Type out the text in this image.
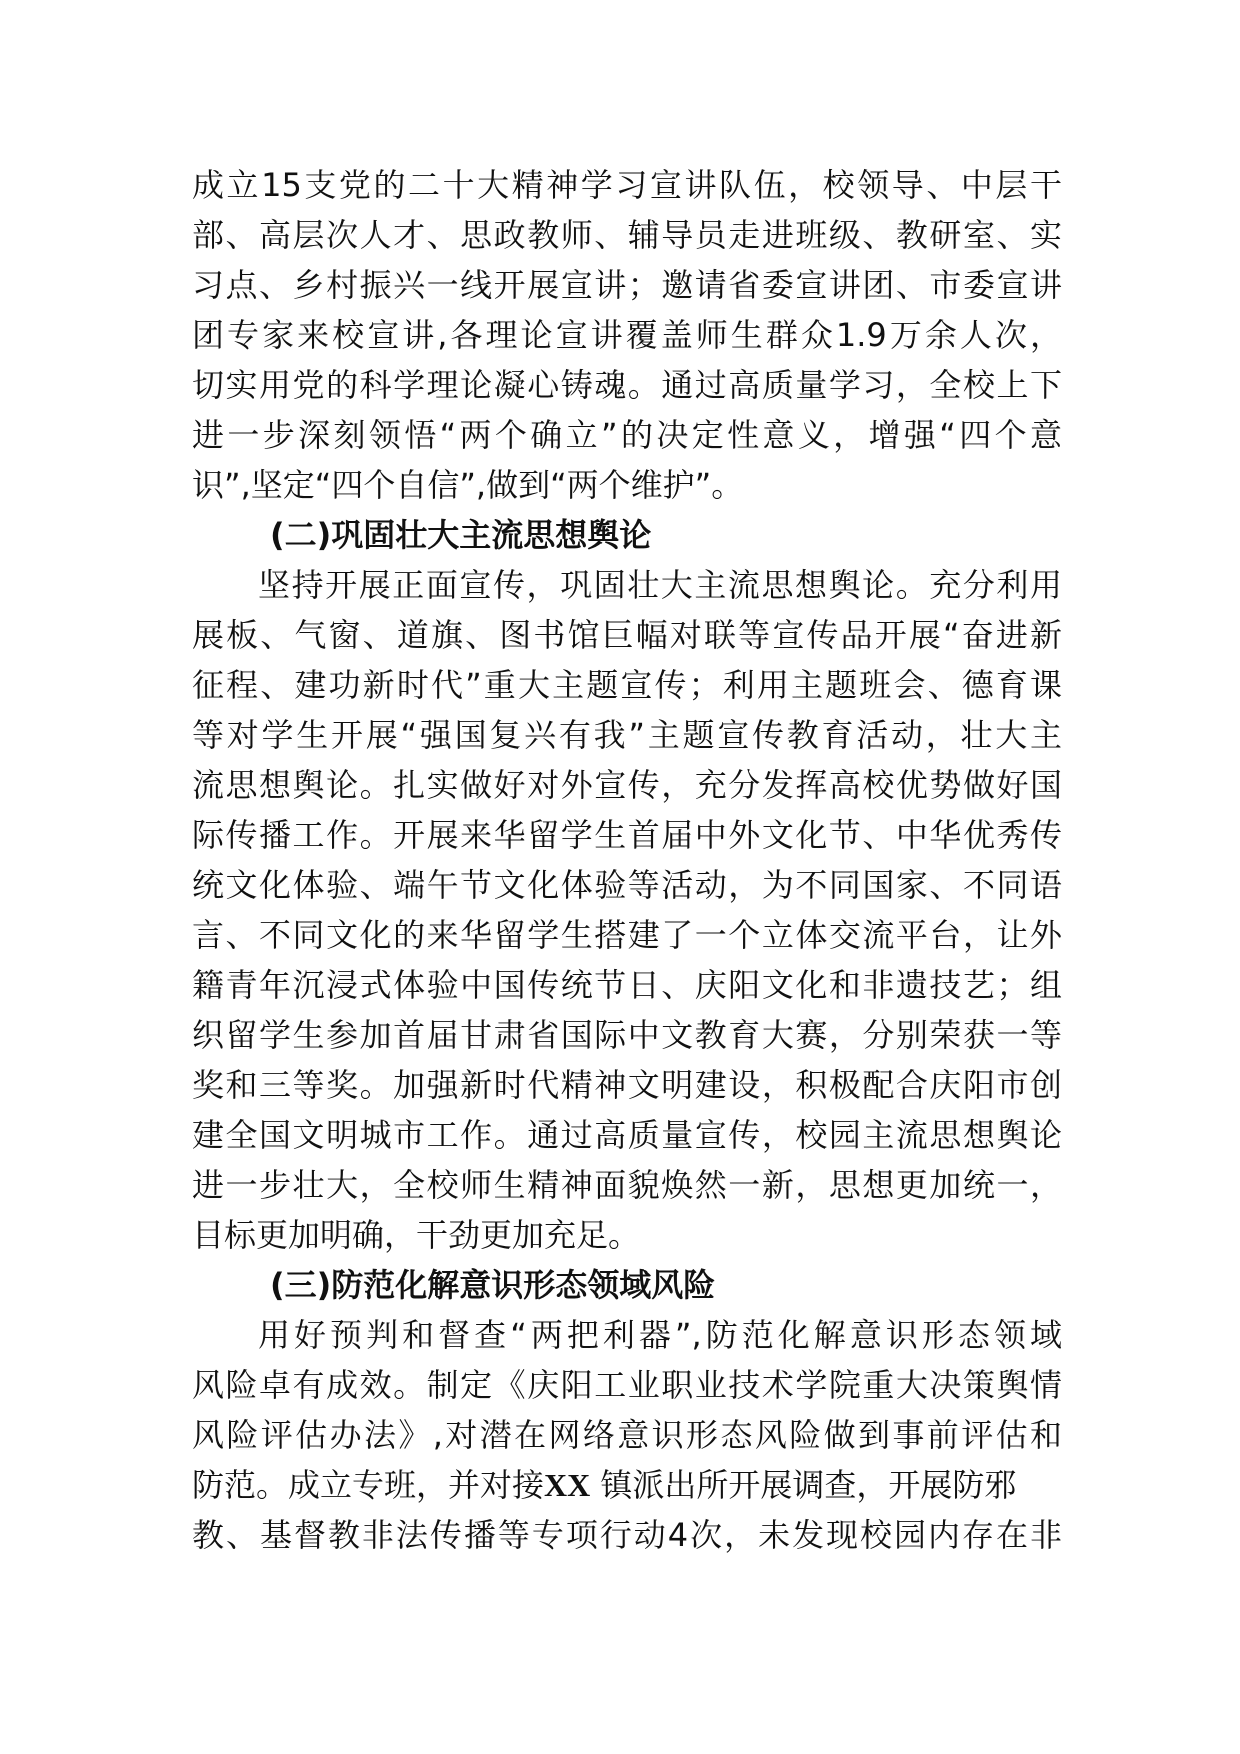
成立15支党的二十大精神学习宣讲队伍，校领导、中层干
部、高层次人才、思政教师、辅导员走进班级、教研室、实
习点、乡村振兴一线开展宣讲；邀请省委宣讲团、市委宣讲
团专家来校宣讲,各理论宣讲覆盖师生群众1.9万余人次，
切实用党的科学理论凝心铸魂。通过高质量学习，全校上下
进一步深刻领悟“两个确立”的决定性意义，增强“四个意
识”,坚定“四个自信”,做到“两个维护”。
(二)巩固壮大主流思想舆论
坚持开展正面宣传，巩固壮大主流思想舆论。充分利用
展板、气窗、道旗、图书馆巨幅对联等宣传品开展“奋进新
征程、建功新时代”重大主题宣传；利用主题班会、德育课
等对学生开展“强国复兴有我”主题宣传教育活动，壮大主
流思想舆论。扎实做好对外宣传，充分发挥高校优势做好国
际传播工作。开展来华留学生首届中外文化节、中华优秀传
统文化体验、端午节文化体验等活动，为不同国家、不同语
言、不同文化的来华留学生搭建了一个立体交流平台，让外
籍青年沉浸式体验中国传统节日、庆阳文化和非遗技艺；组
织留学生参加首届甘肃省国际中文教育大赛，分别荣获一等
奖和三等奖。加强新时代精神文明建设，积极配合庆阳市创
建全国文明城市工作。通过高质量宣传，校园主流思想舆论
进一步壮大，全校师生精神面貌焕然一新，思想更加统一，
目标更加明确，干劲更加充足。
(三)防范化解意识形态领域风险
用好预判和督查“两把利器”,防范化解意识形态领域
风险卓有成效。制定《庆阳工业职业技术学院重大决策舆情
风险评估办法》,对潜在网络意识形态风险做到事前评估和
防范。成立专班，并对接XX 镇派出所开展调查，开展防邪
教、基督教非法传播等专项行动4次，未发现校园内存在非
